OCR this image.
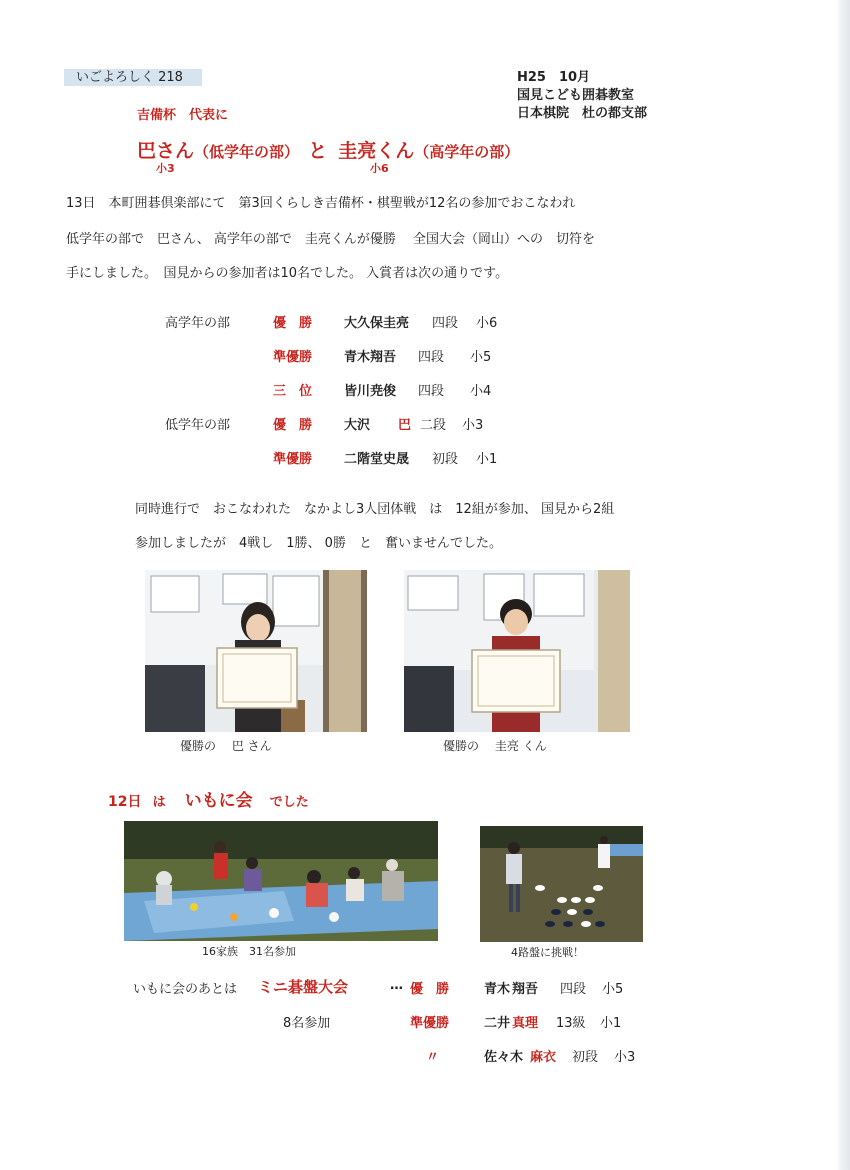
いごよろしく 218	H25　10月
国見こども囲碁教室
日本棋院　杜の都支部
吉備杯　代表に
巴さん（低学年の部） と 圭亮くん（高学年の部）
小3	小6
13日　本町囲碁倶楽部にて　第3回くらしき吉備杯・棋聖戦が12名の参加でおこなわれ
低学年の部で　巴さん、 高学年の部で　圭亮くんが優勝　 全国大会（岡山）への　切符を
手にしました。　国見からの参加者は10名でした。 入賞者は次の通りです。
高学年の部	優　勝 大久保圭亮 四段 小6
準優勝 青木翔吾 四段 小5
三　位 皆川尭俊 四段 小4
低学年の部	優　勝 大沢 巴 二段 小3
準優勝 二階堂史晟 初段 小1
同時進行で　おこなわれた　なかよし3人団体戦　は　12組が参加、 国見から2組
参加しましたが　4戦し　1勝、 0勝　と　奮いませんでした。
優勝の　 巴 さん	優勝の　 圭亮 くん
12日 は いもに会 でした
16家族　31名参加	4路盤に挑戦！
いもに会のあとは ミニ碁盤大会	…
8名参加
優　勝	青木 翔吾 四段 小5
準優勝	二井 真理 13級 小1
〃	佐々木 麻衣 初段 小3
